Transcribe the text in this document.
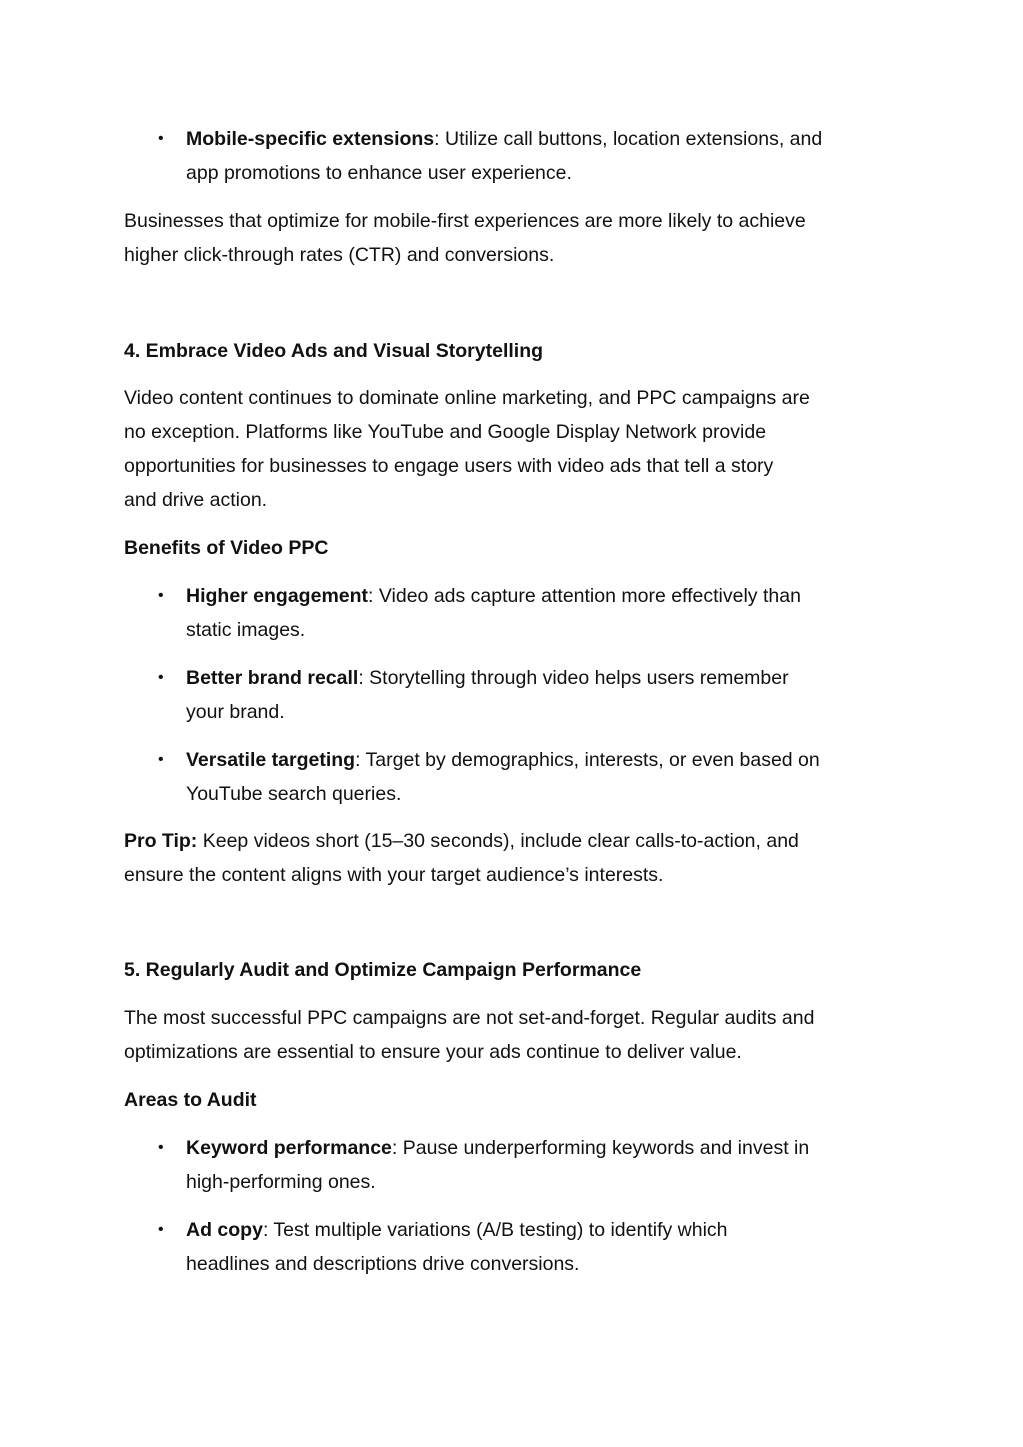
• Mobile-specific extensions: Utilize call buttons, location extensions, and
app promotions to enhance user experience.
Businesses that optimize for mobile-first experiences are more likely to achieve
higher click-through rates (CTR) and conversions.
4. Embrace Video Ads and Visual Storytelling
Video content continues to dominate online marketing, and PPC campaigns are
no exception. Platforms like YouTube and Google Display Network provide
opportunities for businesses to engage users with video ads that tell a story
and drive action.
Benefits of Video PPC
• Higher engagement: Video ads capture attention more effectively than
static images.
• Better brand recall: Storytelling through video helps users remember
your brand.
• Versatile targeting: Target by demographics, interests, or even based on
YouTube search queries.
Pro Tip: Keep videos short (15–30 seconds), include clear calls-to-action, and
ensure the content aligns with your target audience’s interests.
5. Regularly Audit and Optimize Campaign Performance
The most successful PPC campaigns are not set-and-forget. Regular audits and
optimizations are essential to ensure your ads continue to deliver value.
Areas to Audit
• Keyword performance: Pause underperforming keywords and invest in
high-performing ones.
• Ad copy: Test multiple variations (A/B testing) to identify which
headlines and descriptions drive conversions.
